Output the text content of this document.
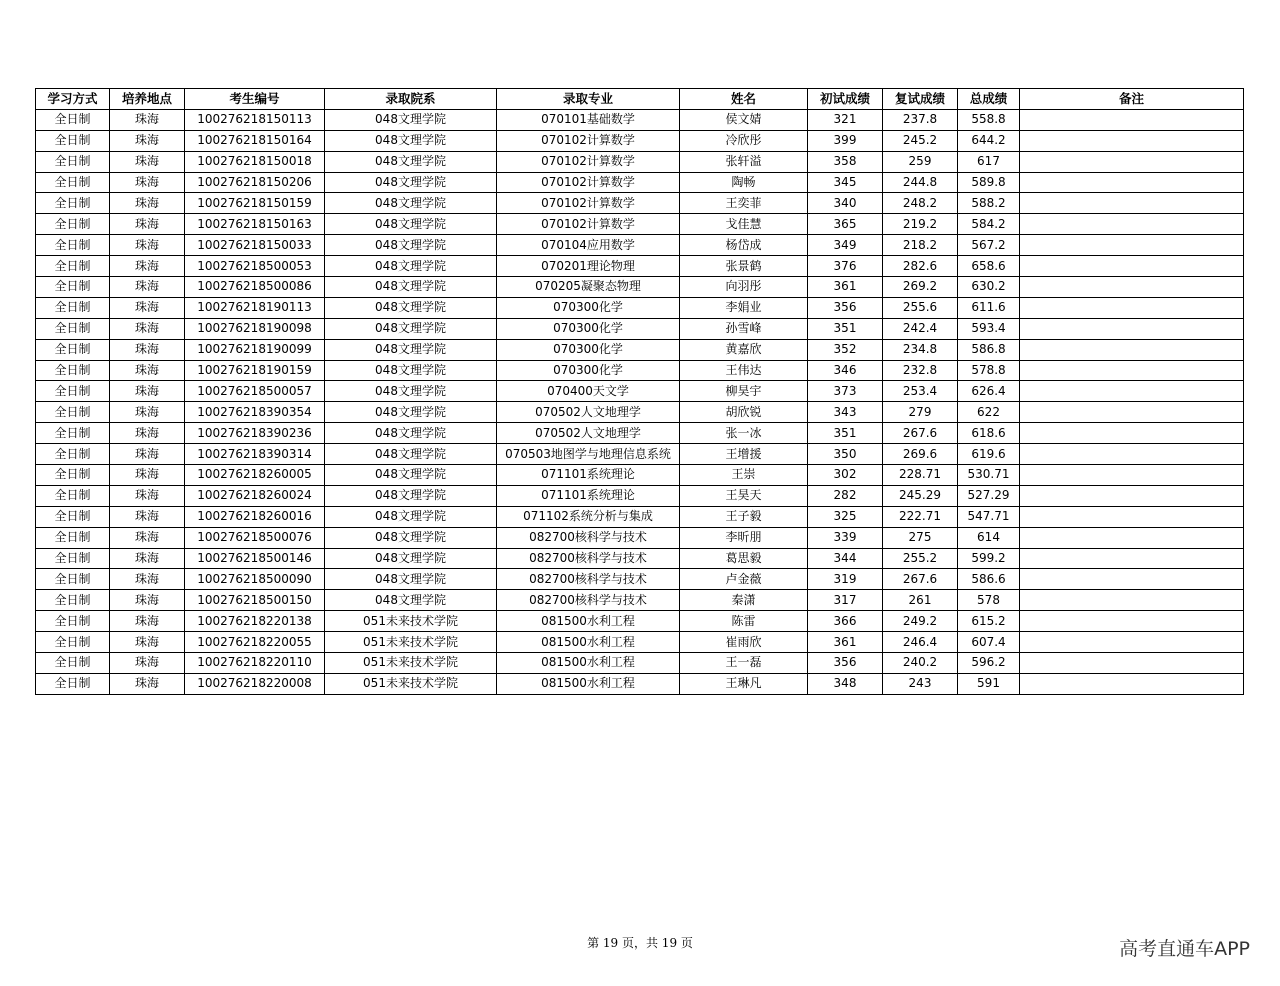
学习方式	培养地点	考生编号	录取院系	录取专业	姓名	初试成绩	复试成绩	总成绩	备注
全日制	珠海	100276218150113	048文理学院	070101基础数学	侯文婧	321	237.8	558.8	
全日制	珠海	100276218150164	048文理学院	070102计算数学	冷欣彤	399	245.2	644.2	
全日制	珠海	100276218150018	048文理学院	070102计算数学	张轩溢	358	259	617	
全日制	珠海	100276218150206	048文理学院	070102计算数学	陶畅	345	244.8	589.8	
全日制	珠海	100276218150159	048文理学院	070102计算数学	王奕菲	340	248.2	588.2	
全日制	珠海	100276218150163	048文理学院	070102计算数学	戈佳慧	365	219.2	584.2	
全日制	珠海	100276218150033	048文理学院	070104应用数学	杨岱成	349	218.2	567.2	
全日制	珠海	100276218500053	048文理学院	070201理论物理	张景鹤	376	282.6	658.6	
全日制	珠海	100276218500086	048文理学院	070205凝聚态物理	向羽彤	361	269.2	630.2	
全日制	珠海	100276218190113	048文理学院	070300化学	李娟业	356	255.6	611.6	
全日制	珠海	100276218190098	048文理学院	070300化学	孙雪峰	351	242.4	593.4	
全日制	珠海	100276218190099	048文理学院	070300化学	黄嘉欣	352	234.8	586.8	
全日制	珠海	100276218190159	048文理学院	070300化学	王伟达	346	232.8	578.8	
全日制	珠海	100276218500057	048文理学院	070400天文学	柳昊宇	373	253.4	626.4	
全日制	珠海	100276218390354	048文理学院	070502人文地理学	胡欣锐	343	279	622	
全日制	珠海	100276218390236	048文理学院	070502人文地理学	张一冰	351	267.6	618.6	
全日制	珠海	100276218390314	048文理学院	070503地图学与地理信息系统	王增援	350	269.6	619.6	
全日制	珠海	100276218260005	048文理学院	071101系统理论	王崇	302	228.71	530.71	
全日制	珠海	100276218260024	048文理学院	071101系统理论	王昊天	282	245.29	527.29	
全日制	珠海	100276218260016	048文理学院	071102系统分析与集成	王子毅	325	222.71	547.71	
全日制	珠海	100276218500076	048文理学院	082700核科学与技术	李昕朋	339	275	614	
全日制	珠海	100276218500146	048文理学院	082700核科学与技术	葛思毅	344	255.2	599.2	
全日制	珠海	100276218500090	048文理学院	082700核科学与技术	卢金薇	319	267.6	586.6	
全日制	珠海	100276218500150	048文理学院	082700核科学与技术	秦潇	317	261	578	
全日制	珠海	100276218220138	051未来技术学院	081500水利工程	陈雷	366	249.2	615.2	
全日制	珠海	100276218220055	051未来技术学院	081500水利工程	崔雨欣	361	246.4	607.4	
全日制	珠海	100276218220110	051未来技术学院	081500水利工程	王一磊	356	240.2	596.2	
全日制	珠海	100276218220008	051未来技术学院	081500水利工程	王琳凡	348	243	591	
第 19 页，共 19 页	高考直通车APP
